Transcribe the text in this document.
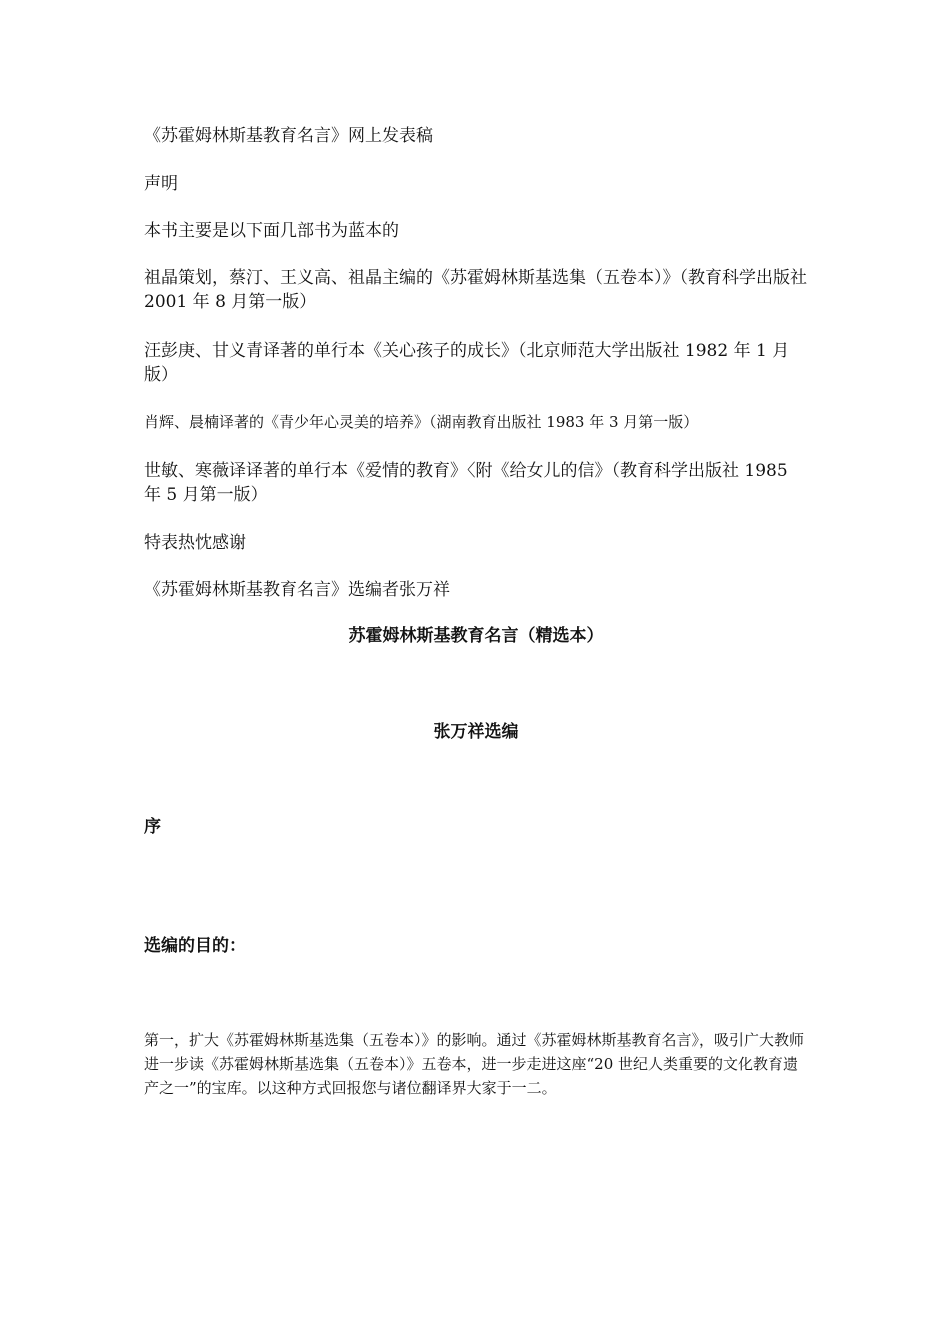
《苏霍姆林斯基教育名言》网上发表稿
声明
本书主要是以下面几部书为蓝本的
祖晶策划，蔡汀、王义高、祖晶主编的《苏霍姆林斯基选集（五卷本）》（教育科学出版社 2001 年 8 月第一版）
汪彭庚、甘义青译著的单行本《关心孩子的成长》（北京师范大学出版社 1982 年 1 月版）
肖辉、晨楠译著的《青少年心灵美的培养》（湖南教育出版社 1983 年 3 月第一版）
世敏、寒薇译译著的单行本《爱情的教育》〈附《给女儿的信》（教育科学出版社 1985 年 5 月第一版）
特表热忱感谢
《苏霍姆林斯基教育名言》选编者张万祥
苏霍姆林斯基教育名言（精选本）
张万祥选编
序
选编的目的：
第一，扩大《苏霍姆林斯基选集（五卷本）》的影响。通过《苏霍姆林斯基教育名言》，吸引广大教师进一步读《苏霍姆林斯基选集（五卷本）》五卷本，进一步走进这座“20 世纪人类重要的文化教育遗产之一”的宝库。以这种方式回报您与诸位翻译界大家于一二。
